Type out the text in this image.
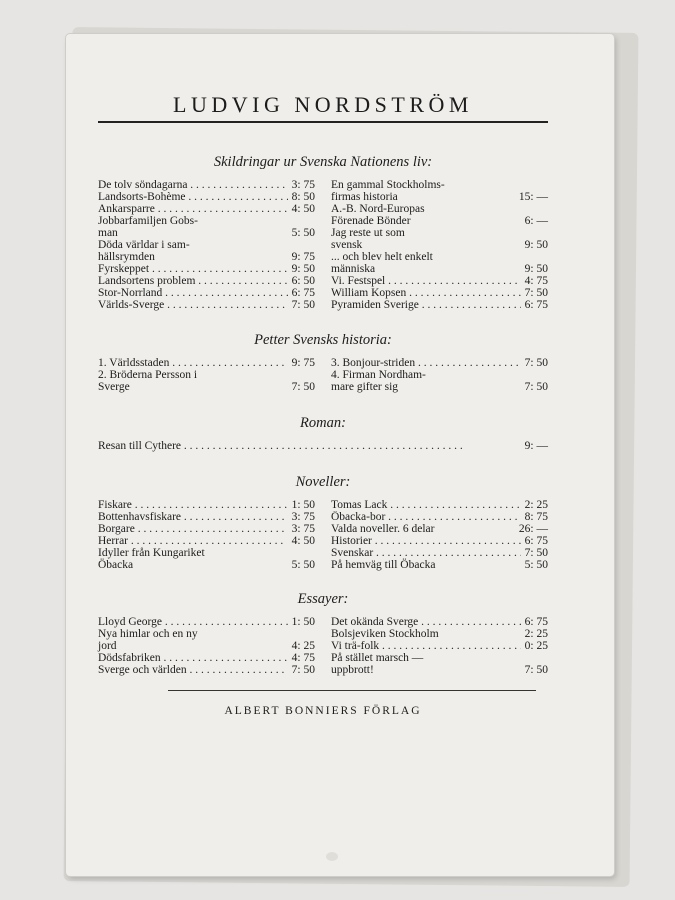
LUDVIG NORDSTRÖM
Skildringar ur Svenska Nationens liv:
De tolv söndagarna . . .	3: 75
Landsorts-Bohème . . .	8: 50
Ankarsparre . . .	4: 50
Jobbarfamiljen Gobs-
man	5: 50
Döda världar i sam-
hällsrymden	9: 75
Fyrskeppet . . .	9: 50
Landsortens problem . . .	6: 50
Stor-Norrland . . .	6: 75
Världs-Sverge . . .	7: 50
En gammal Stockholms-
firmas historia	15: —
A.-B. Nord-Europas
Förenade Bönder	6: —
Jag reste ut som
svensk	9: 50
... och blev helt enkelt
människa	9: 50
Vi. Festspel . . .	4: 75
William Kopsen . . .	7: 50
Pyramiden Sverige . . .	6: 75
Petter Svensks historia:
1. Världsstaden . . .	9: 75
2. Bröderna Persson i
Sverge	7: 50
3. Bonjour-striden . . .	7: 50
4. Firman Nordham-
mare gifter sig	7: 50
Roman:
Resan till Cythere . . .	9: —
Noveller:
Fiskare . . .	1: 50
Bottenhavsfiskare . . .	3: 75
Borgare . . .	3: 75
Herrar . . .	4: 50
Idyller från Kungariket
Öbacka	5: 50
Tomas Lack . . .	2: 25
Öbacka-bor . . .	8: 75
Valda noveller. 6 delar	26: —
Historier . . .	6: 75
Svenskar . . .	7: 50
På hemväg till Öbacka	5: 50
Essayer:
Lloyd George . . .	1: 50
Nya himlar och en ny
jord	4: 25
Dödsfabriken . . .	4: 75
Sverge och världen . . .	7: 50
Det okända Sverge . . .	6: 75
Bolsjeviken Stockholm	2: 25
Vi trä-folk . . .	0: 25
På stället marsch —
uppbrott!	7: 50

ALBERT BONNIERS FÖRLAG
